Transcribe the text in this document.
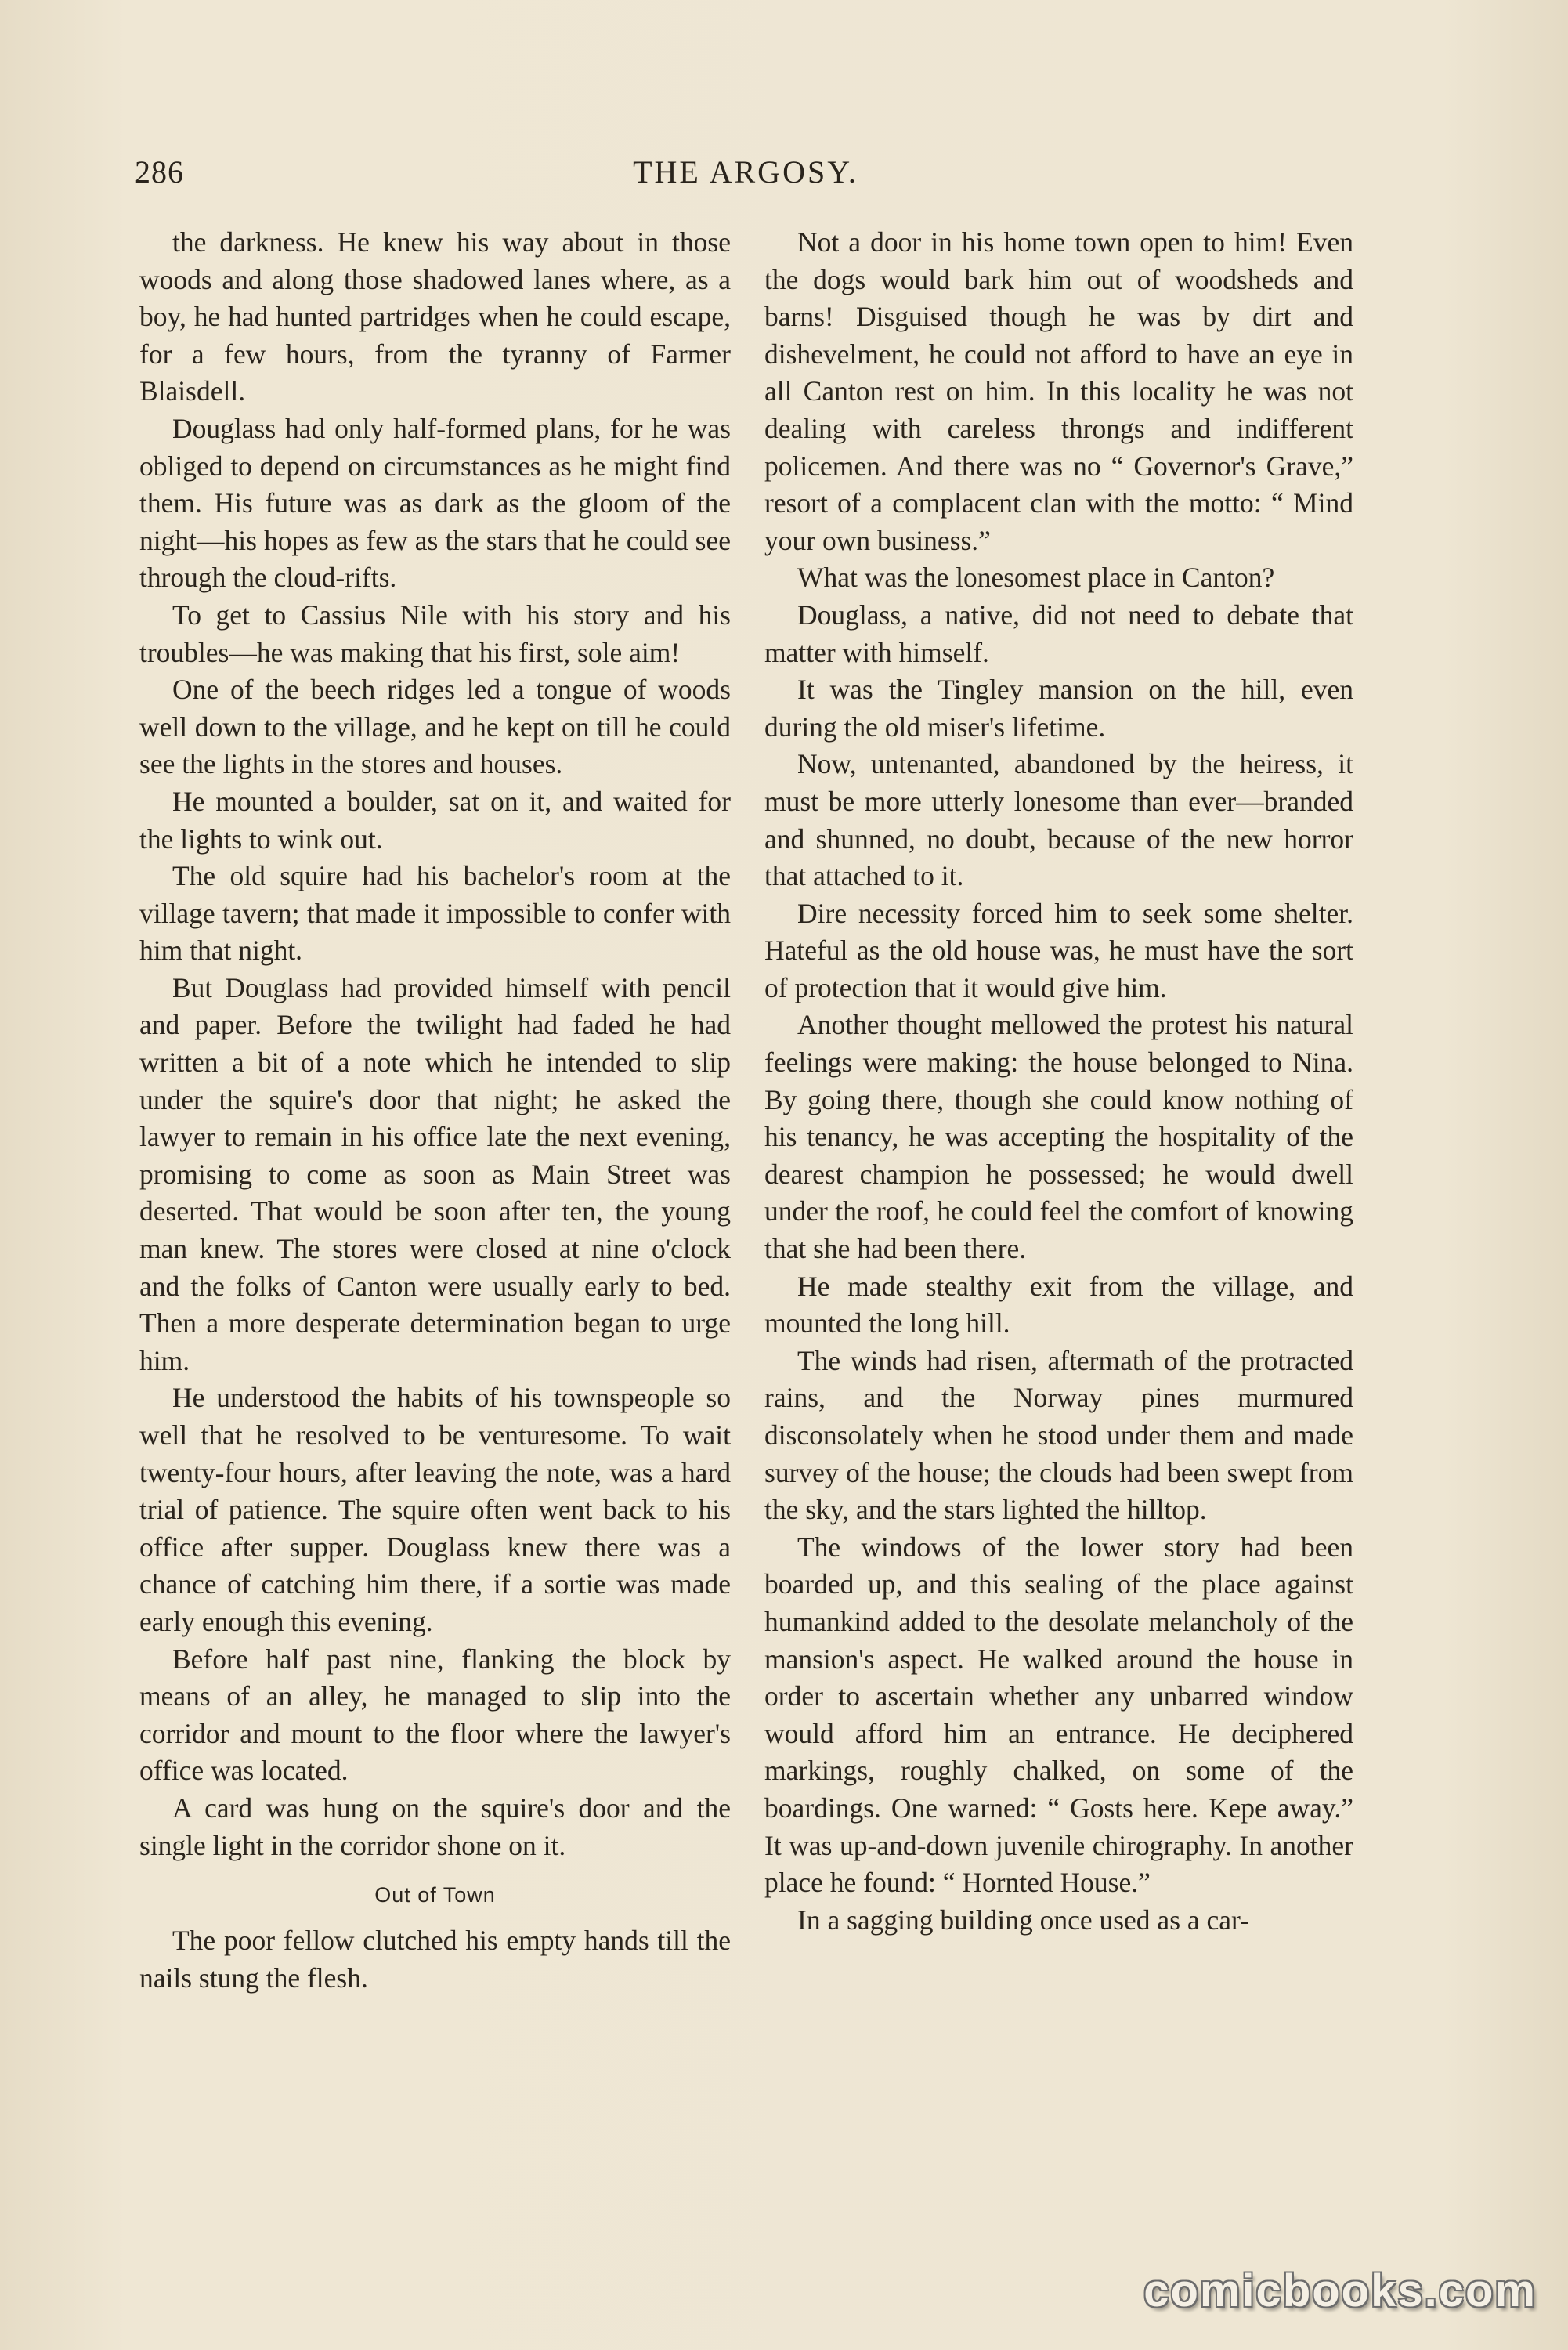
286	THE ARGOSY.

the darkness. He knew his way about in those woods and along those shadowed lanes where, as a boy, he had hunted partridges when he could escape, for a few hours, from the tyranny of Farmer Blaisdell.

Douglass had only half-formed plans, for he was obliged to depend on circumstances as he might find them. His future was as dark as the gloom of the night—his hopes as few as the stars that he could see through the cloud-rifts.

To get to Cassius Nile with his story and his troubles—he was making that his first, sole aim!

One of the beech ridges led a tongue of woods well down to the village, and he kept on till he could see the lights in the stores and houses.

He mounted a boulder, sat on it, and waited for the lights to wink out.

The old squire had his bachelor's room at the village tavern; that made it impossible to confer with him that night.

But Douglass had provided himself with pencil and paper. Before the twilight had faded he had written a bit of a note which he intended to slip under the squire's door that night; he asked the lawyer to remain in his office late the next evening, promising to come as soon as Main Street was deserted. That would be soon after ten, the young man knew. The stores were closed at nine o'clock and the folks of Canton were usually early to bed. Then a more desperate determination began to urge him.

He understood the habits of his townspeople so well that he resolved to be venturesome. To wait twenty-four hours, after leaving the note, was a hard trial of patience. The squire often went back to his office after supper. Douglass knew there was a chance of catching him there, if a sortie was made early enough this evening.

Before half past nine, flanking the block by means of an alley, he managed to slip into the corridor and mount to the floor where the lawyer's office was located.

A card was hung on the squire's door and the single light in the corridor shone on it.

Out of Town

The poor fellow clutched his empty hands till the nails stung the flesh.

Not a door in his home town open to him! Even the dogs would bark him out of woodsheds and barns! Disguised though he was by dirt and dishevelment, he could not afford to have an eye in all Canton rest on him. In this locality he was not dealing with careless throngs and indifferent policemen. And there was no “ Governor's Grave,” resort of a complacent clan with the motto: “ Mind your own business.”

What was the lonesomest place in Canton?

Douglass, a native, did not need to debate that matter with himself.

It was the Tingley mansion on the hill, even during the old miser's lifetime.

Now, untenanted, abandoned by the heiress, it must be more utterly lonesome than ever—branded and shunned, no doubt, because of the new horror that attached to it.

Dire necessity forced him to seek some shelter. Hateful as the old house was, he must have the sort of protection that it would give him.

Another thought mellowed the protest his natural feelings were making: the house belonged to Nina. By going there, though she could know nothing of his tenancy, he was accepting the hospitality of the dearest champion he possessed; he would dwell under the roof, he could feel the comfort of knowing that she had been there.

He made stealthy exit from the village, and mounted the long hill.

The winds had risen, aftermath of the protracted rains, and the Norway pines murmured disconsolately when he stood under them and made survey of the house; the clouds had been swept from the sky, and the stars lighted the hilltop.

The windows of the lower story had been boarded up, and this sealing of the place against humankind added to the desolate melancholy of the mansion's aspect. He walked around the house in order to ascertain whether any unbarred window would afford him an entrance. He deciphered markings, roughly chalked, on some of the boardings. One warned: “ Gosts here. Kepe away.” It was up-and-down juvenile chirography. In another place he found: “ Hornted House.”

In a sagging building once used as a car-

comicbooks.com
